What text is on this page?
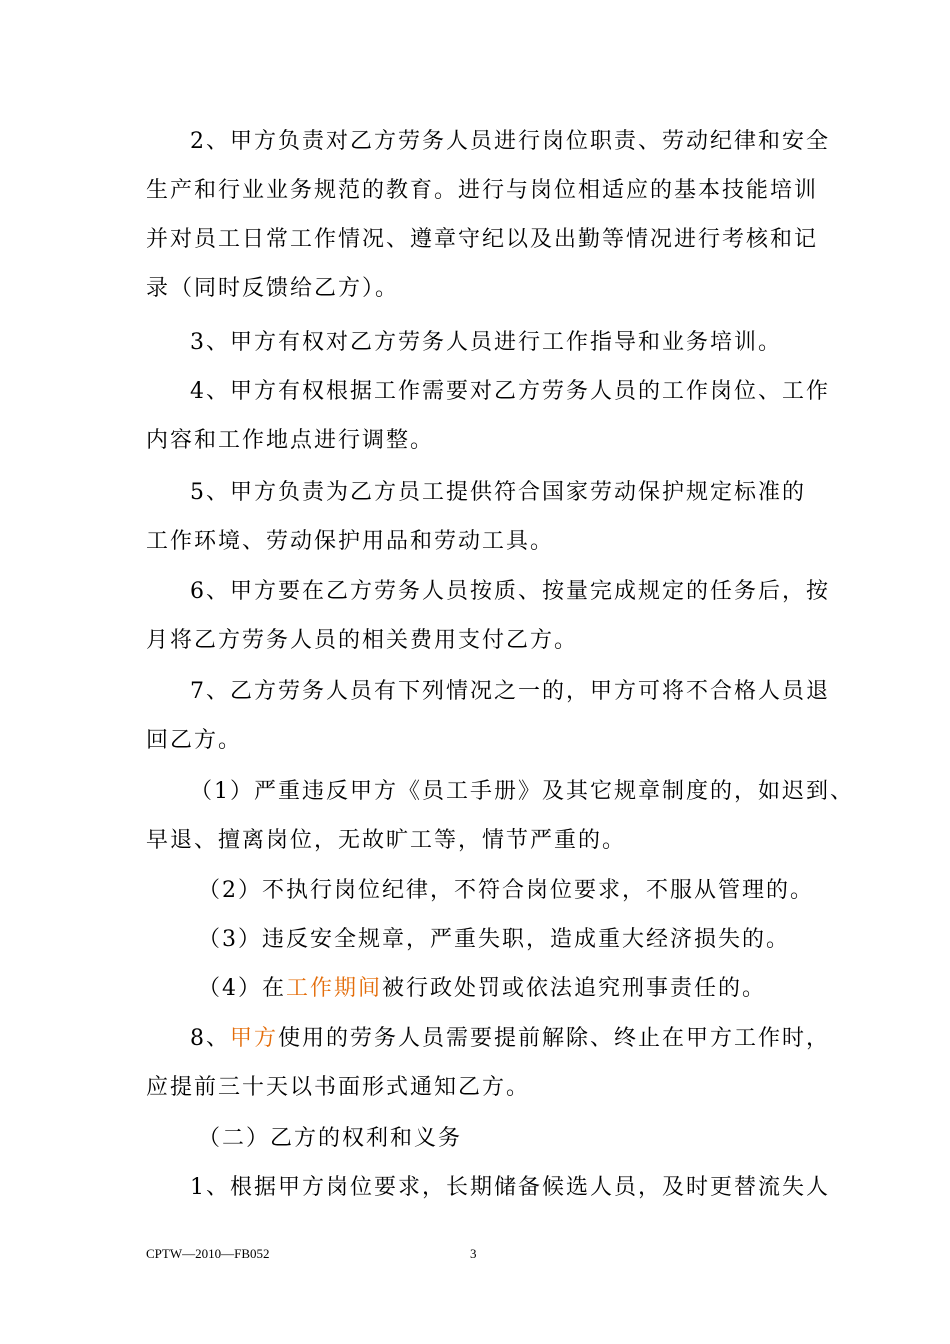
2、甲方负责对乙方劳务人员进行岗位职责、劳动纪律和安全
生产和行业业务规范的教育。进行与岗位相适应的基本技能培训
并对员工日常工作情况、遵章守纪以及出勤等情况进行考核和记
录（同时反馈给乙方）。
3、甲方有权对乙方劳务人员进行工作指导和业务培训。
4、甲方有权根据工作需要对乙方劳务人员的工作岗位、工作
内容和工作地点进行调整。
5、甲方负责为乙方员工提供符合国家劳动保护规定标准的
工作环境、劳动保护用品和劳动工具。
6、甲方要在乙方劳务人员按质、按量完成规定的任务后，按
月将乙方劳务人员的相关费用支付乙方。
7、乙方劳务人员有下列情况之一的，甲方可将不合格人员退
回乙方。
（1）严重违反甲方《员工手册》及其它规章制度的，如迟到、
早退、擅离岗位，无故旷工等，情节严重的。
（2）不执行岗位纪律，不符合岗位要求，不服从管理的。
（3）违反安全规章，严重失职，造成重大经济损失的。
（4）在工作期间被行政处罚或依法追究刑事责任的。
8、甲方使用的劳务人员需要提前解除、终止在甲方工作时，
应提前三十天以书面形式通知乙方。
（二）乙方的权利和义务
1、根据甲方岗位要求，长期储备候选人员，及时更替流失人
CPTW—2010—FB052	3
